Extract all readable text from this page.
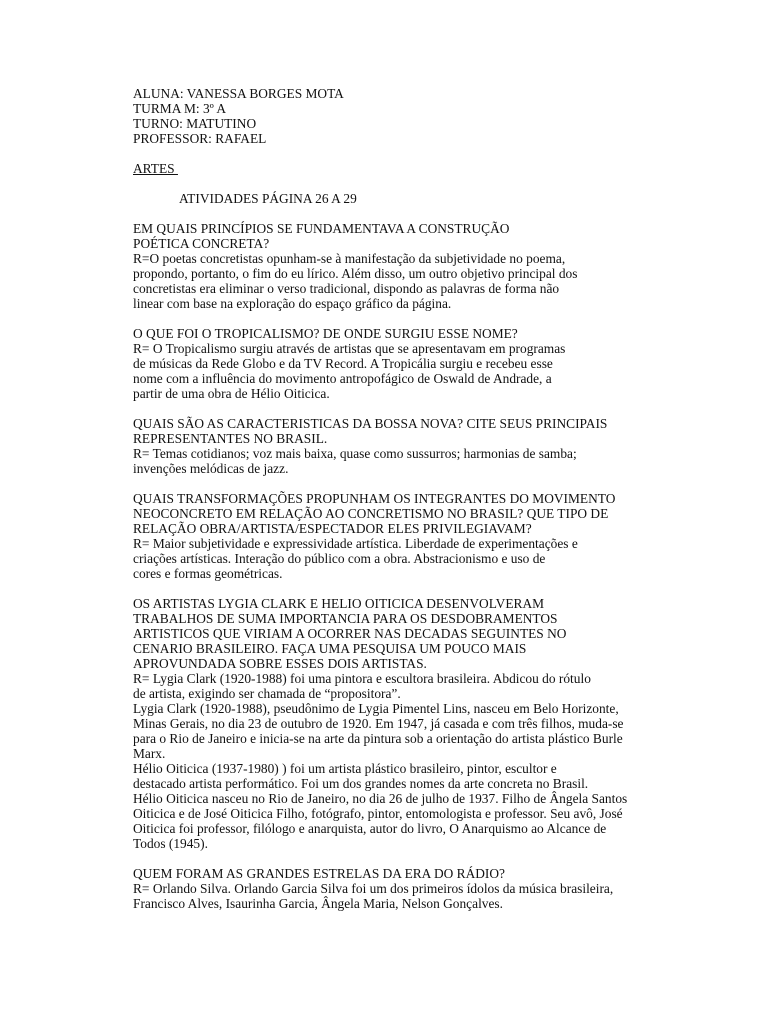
ALUNA: VANESSA BORGES MOTA
TURMA M: 3º A
TURNO: MATUTINO
PROFESSOR: RAFAEL
ARTES
ATIVIDADES PÁGINA 26 A 29
EM QUAIS PRINCÍPIOS SE FUNDAMENTAVA A CONSTRUÇÃO
POÉTICA CONCRETA?
R=O poetas concretistas opunham-se à manifestação da subjetividade no poema,
propondo, portanto, o fim do eu lírico. Além disso, um outro objetivo principal dos
concretistas era eliminar o verso tradicional, dispondo as palavras de forma não
linear com base na exploração do espaço gráfico da página.
O QUE FOI O TROPICALISMO? DE ONDE SURGIU ESSE NOME?
R= O Tropicalismo surgiu através de artistas que se apresentavam em programas
de músicas da Rede Globo e da TV Record. A Tropicália surgiu e recebeu esse
nome com a influência do movimento antropofágico de Oswald de Andrade, a
partir de uma obra de Hélio Oiticica.
QUAIS SÃO AS CARACTERISTICAS DA BOSSA NOVA? CITE SEUS PRINCIPAIS
REPRESENTANTES NO BRASIL.
R= Temas cotidianos; voz mais baixa, quase como sussurros; harmonias de samba;
invenções melódicas de jazz.
QUAIS TRANSFORMAÇÕES PROPUNHAM OS INTEGRANTES DO MOVIMENTO
NEOCONCRETO EM RELAÇÃO AO CONCRETISMO NO BRASIL? QUE TIPO DE
RELAÇÃO OBRA/ARTISTA/ESPECTADOR ELES PRIVILEGIAVAM?
R= Maior subjetividade e expressividade artística. Liberdade de experimentações e
criações artísticas. Interação do público com a obra. Abstracionismo e uso de
cores e formas geométricas.
OS ARTISTAS LYGIA CLARK E HELIO OITICICA DESENVOLVERAM
TRABALHOS DE SUMA IMPORTANCIA PARA OS DESDOBRAMENTOS
ARTISTICOS QUE VIRIAM A OCORRER NAS DECADAS SEGUINTES NO
CENARIO BRASILEIRO. FAÇA UMA PESQUISA UM POUCO MAIS
APROVUNDADA SOBRE ESSES DOIS ARTISTAS.
R= Lygia Clark (1920-1988) foi uma pintora e escultora brasileira. Abdicou do rótulo
de artista, exigindo ser chamada de “propositora”.
Lygia Clark (1920-1988), pseudônimo de Lygia Pimentel Lins, nasceu em Belo Horizonte,
Minas Gerais, no dia 23 de outubro de 1920. Em 1947, já casada e com três filhos, muda-se
para o Rio de Janeiro e inicia-se na arte da pintura sob a orientação do artista plástico Burle
Marx.
Hélio Oiticica (1937-1980) ) foi um artista plástico brasileiro, pintor, escultor e
destacado artista performático. Foi um dos grandes nomes da arte concreta no Brasil.
Hélio Oiticica nasceu no Rio de Janeiro, no dia 26 de julho de 1937. Filho de Ângela Santos
Oiticica e de José Oiticica Filho, fotógrafo, pintor, entomologista e professor. Seu avô, José
Oiticica foi professor, filólogo e anarquista, autor do livro, O Anarquismo ao Alcance de
Todos (1945).
QUEM FORAM AS GRANDES ESTRELAS DA ERA DO RÁDIO?
R= Orlando Silva. Orlando Garcia Silva foi um dos primeiros ídolos da música brasileira,
Francisco Alves, Isaurinha Garcia, Ângela Maria, Nelson Gonçalves.
